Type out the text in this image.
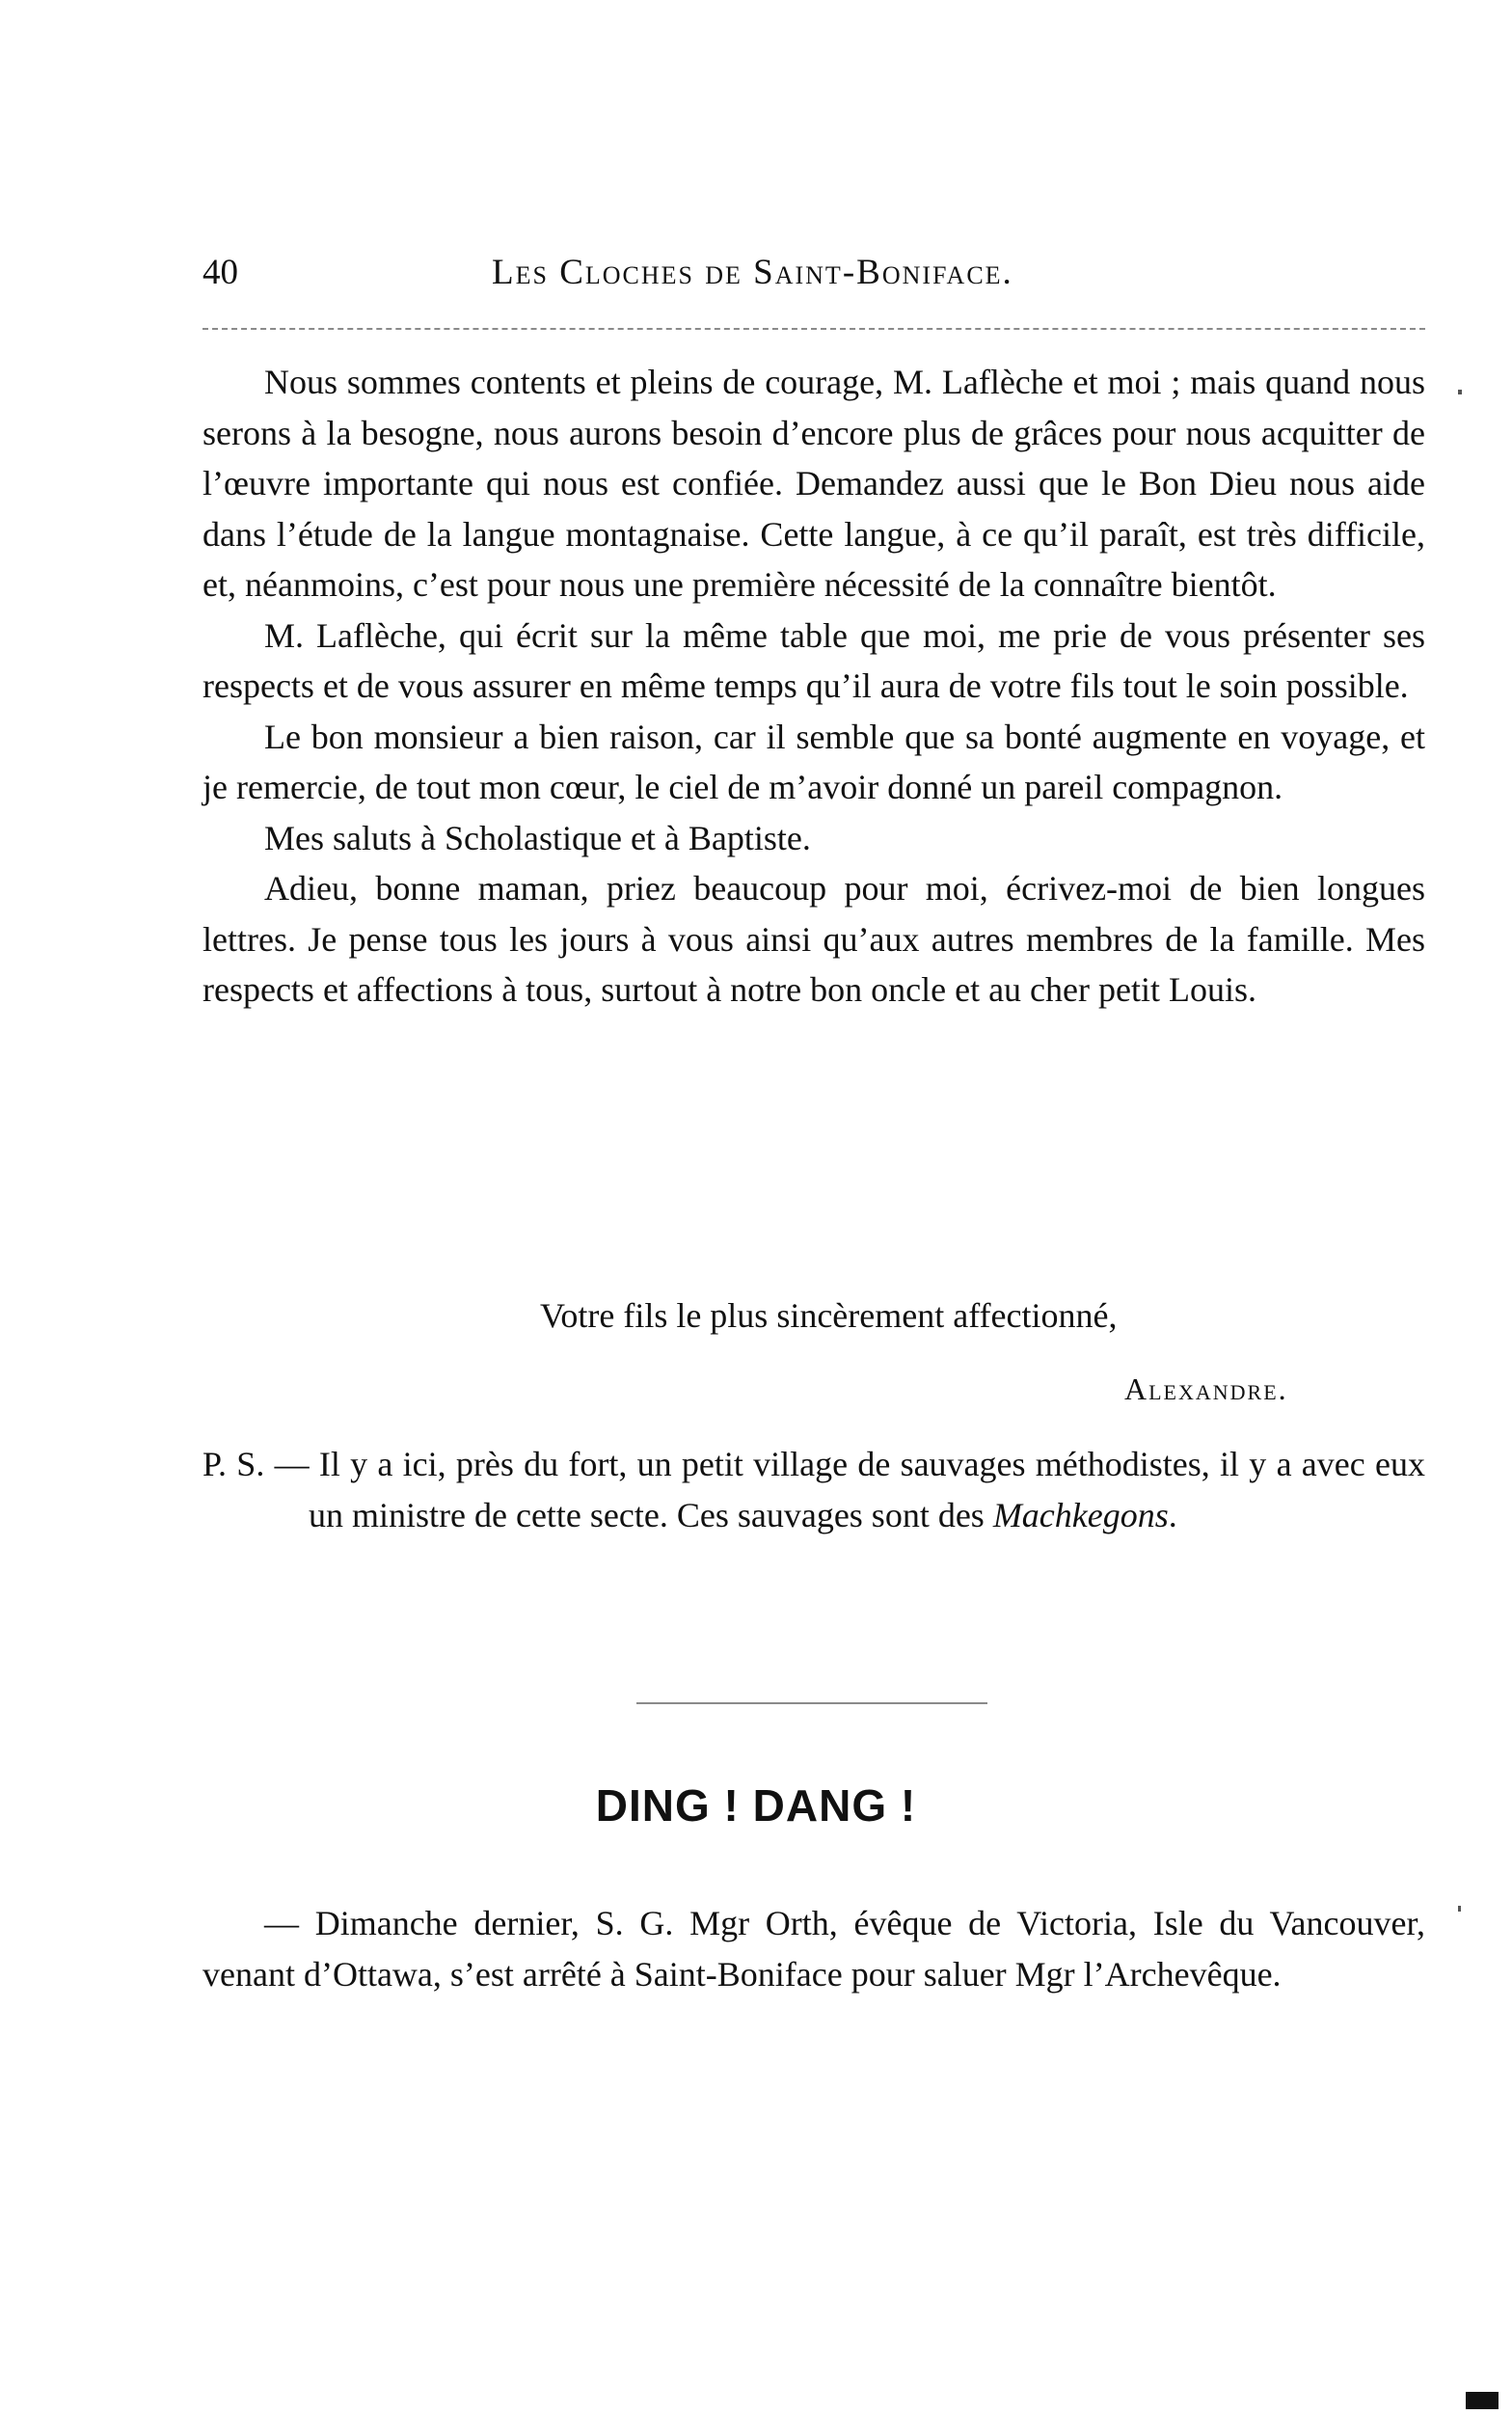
40	Les Cloches de Saint-Boniface.

Nous sommes contents et pleins de courage, M. Laflèche et moi ; mais quand nous serons à la besogne, nous aurons besoin d’encore plus de grâces pour nous acquitter de l’œuvre importante qui nous est confiée. Demandez aussi que le Bon Dieu nous aide dans l’étude de la langue montagnaise. Cette langue, à ce qu’il paraît, est très difficile, et, néanmoins, c’est pour nous une première nécessité de la connaître bientôt.

M. Laflèche, qui écrit sur la même table que moi, me prie de vous présenter ses respects et de vous assurer en même temps qu’il aura de votre fils tout le soin possible.

Le bon monsieur a bien raison, car il semble que sa bonté augmente en voyage, et je remercie, de tout mon cœur, le ciel de m’avoir donné un pareil compagnon.

Mes saluts à Scholastique et à Baptiste.

Adieu, bonne maman, priez beaucoup pour moi, écrivez-moi de bien longues lettres. Je pense tous les jours à vous ainsi qu’aux autres membres de la famille. Mes respects et affections à tous, surtout à notre bon oncle et au cher petit Louis.

Votre fils le plus sincèrement affectionné,
Alexandre.
P. S. — Il y a ici, près du fort, un petit village de sauvages méthodistes, il y a avec eux un ministre de cette secte. Ces sauvages sont des Machkegons.
DING ! DANG !

— Dimanche dernier, S. G. Mgr Orth, évêque de Victoria, Isle du Vancouver, venant d’Ottawa, s’est arrêté à Saint-Boniface pour saluer Mgr l’Archevêque.
